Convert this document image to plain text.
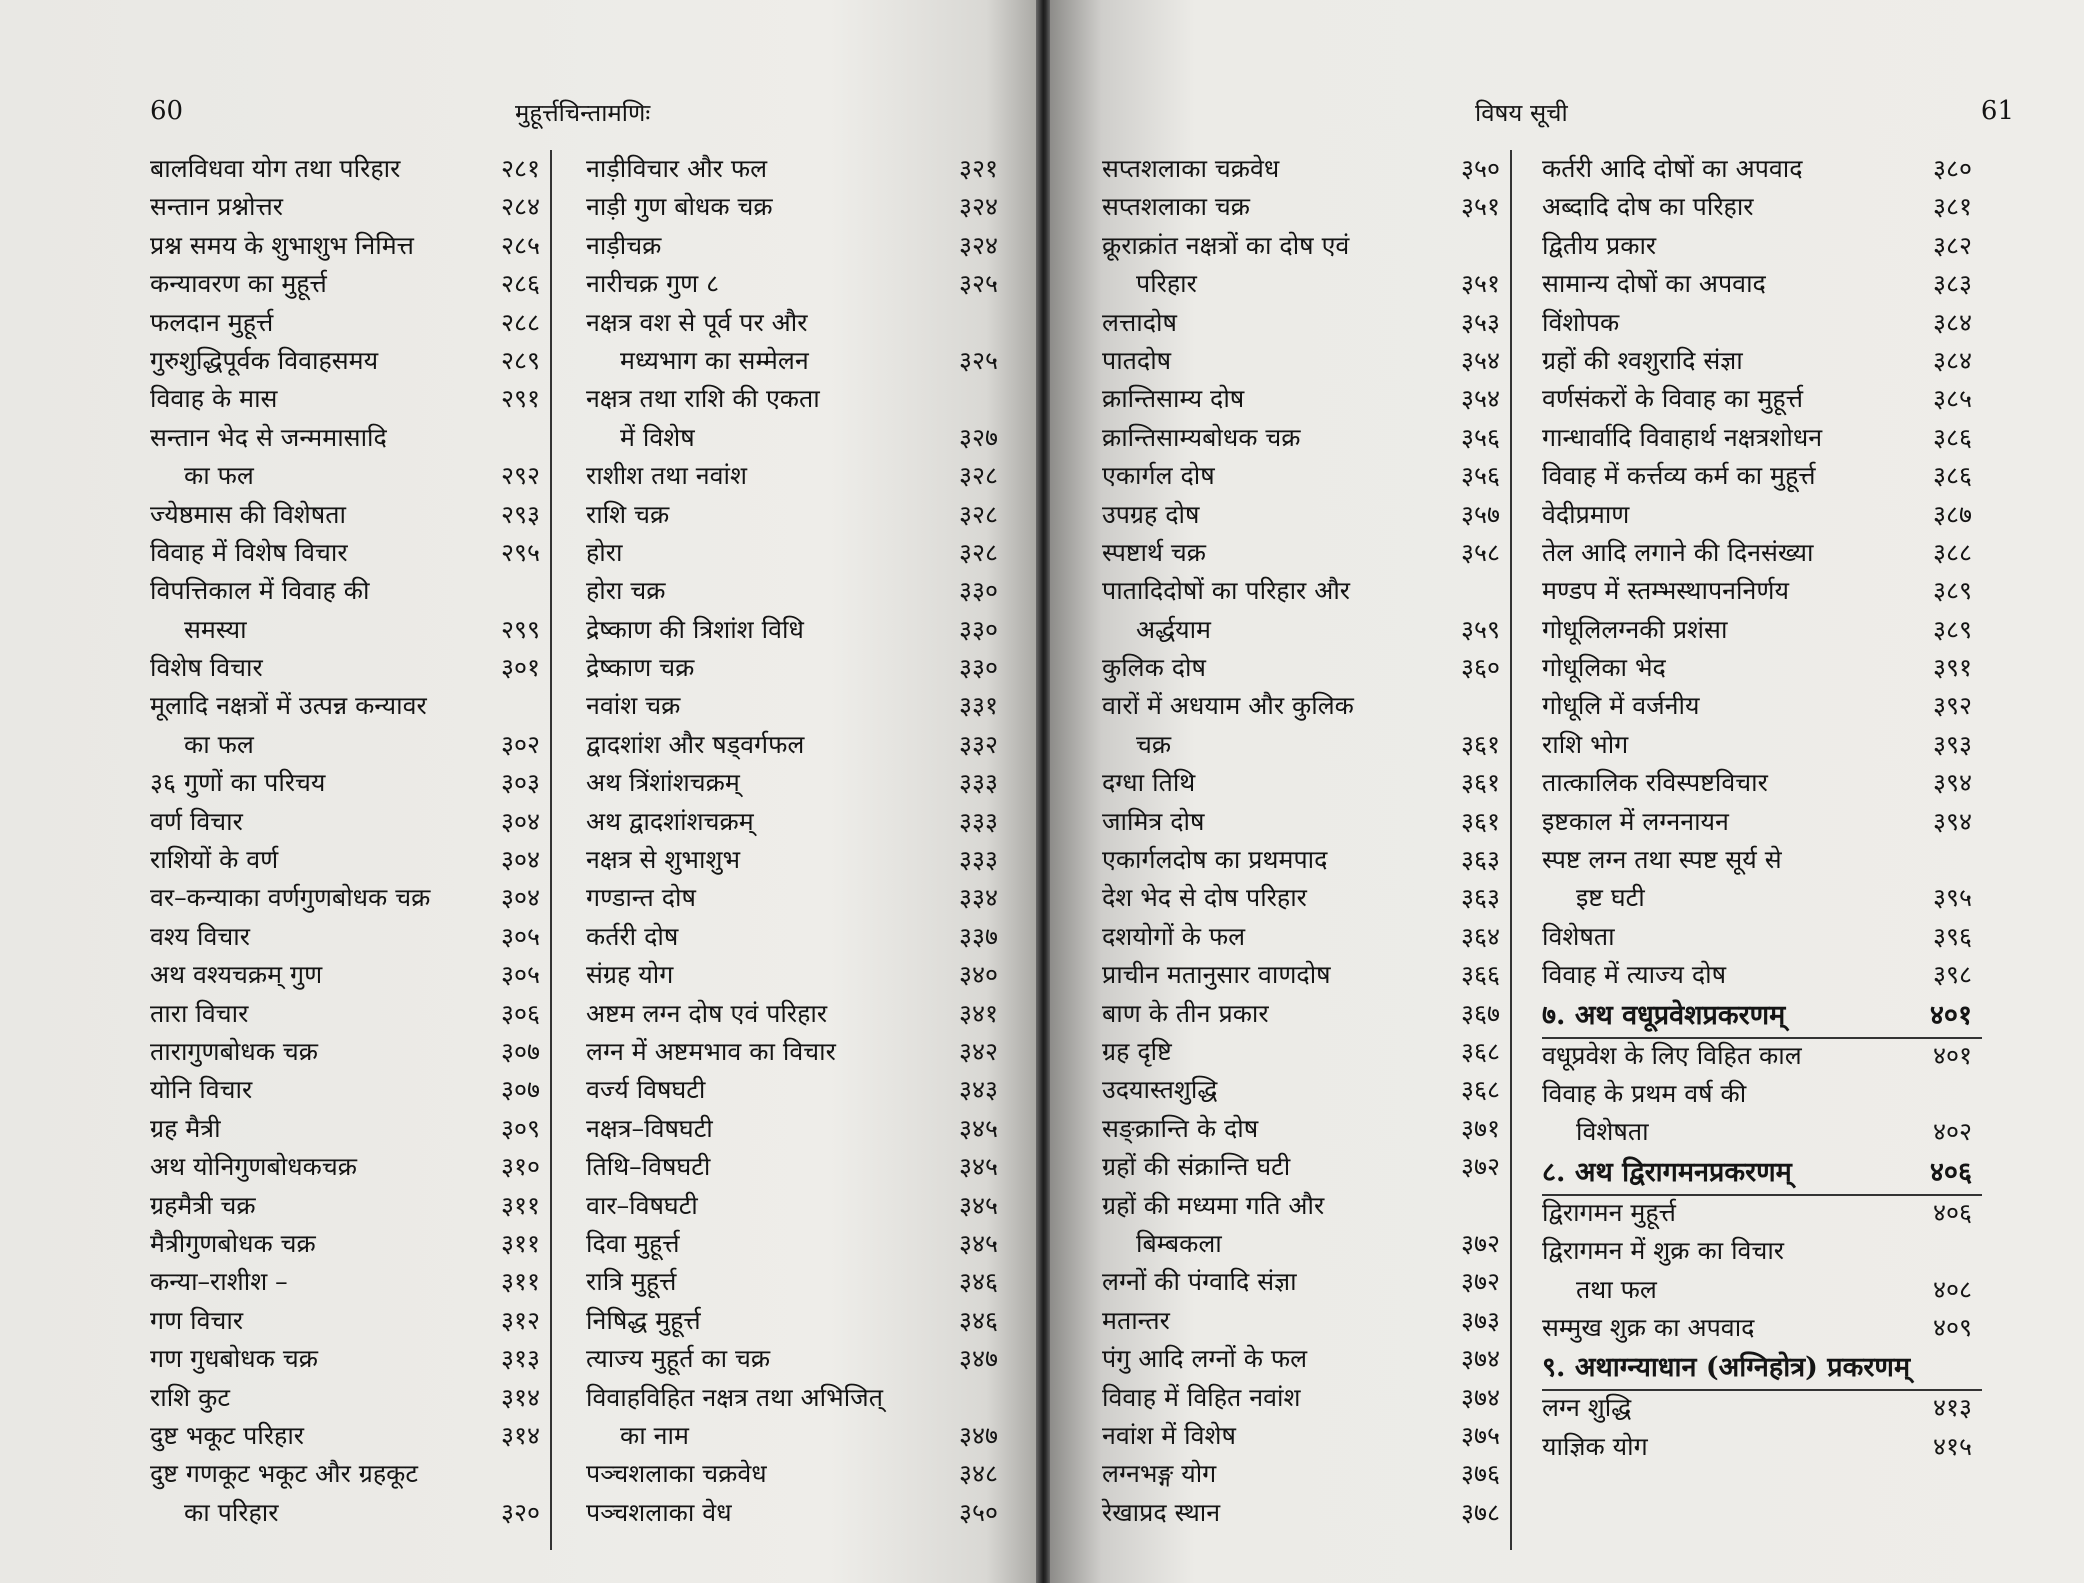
60	मुहूर्त्तचिन्तामणिः
बालविधवा योग तथा परिहार	२८१
सन्तान प्रश्नोत्तर	२८४
प्रश्न समय के शुभाशुभ निमित्त	२८५
कन्यावरण का मुहूर्त्त	२८६
फलदान मुहूर्त्त	२८८
गुरुशुद्धिपूर्वक विवाहसमय	२८९
विवाह के मास	२९१
सन्तान भेद से जन्ममासादि
का फल	२९२
ज्येष्ठमास की विशेषता	२९३
विवाह में विशेष विचार	२९५
विपत्तिकाल में विवाह की
समस्या	२९९
विशेष विचार	३०१
मूलादि नक्षत्रों में उत्पन्न कन्यावर
का फल	३०२
३६ गुणों का परिचय	३०३
वर्ण विचार	३०४
राशियों के वर्ण	३०४
वर–कन्याका वर्णगुणबोधक चक्र	३०४
वश्य विचार	३०५
अथ वश्यचक्रम् गुण	३०५
तारा विचार	३०६
तारागुणबोधक चक्र	३०७
योनि विचार	३०७
ग्रह मैत्री	३०९
अथ योनिगुणबोधकचक्र	३१०
ग्रहमैत्री चक्र	३११
मैत्रीगुणबोधक चक्र	३११
कन्या–राशीश –	३११
गण विचार	३१२
गण गुधबोधक चक्र	३१३
राशि कुट	३१४
दुष्ट भकूट परिहार	३१४
दुष्ट गणकूट भकूट और ग्रहकूट
का परिहार	३२०
नाड़ीविचार और फल	३२१
नाड़ी गुण बोधक चक्र	३२४
नाड़ीचक्र	३२४
नारीचक्र गुण ८	३२५
नक्षत्र वश से पूर्व पर और
मध्यभाग का सम्मेलन	३२५
नक्षत्र तथा राशि की एकता
में विशेष	३२७
राशीश तथा नवांश	३२८
राशि चक्र	३२८
होरा	३२८
होरा चक्र	३३०
द्रेष्काण की त्रिशांश विधि	३३०
द्रेष्काण चक्र	३३०
नवांश चक्र	३३१
द्वादशांश और षड्वर्गफल	३३२
अथ त्रिंशांशचक्रम्	३३३
अथ द्वादशांशचक्रम्	३३३
नक्षत्र से शुभाशुभ	३३३
गण्डान्त दोष	३३४
कर्तरी दोष	३३७
संग्रह योग	३४०
अष्टम लग्न दोष एवं परिहार	३४१
लग्न में अष्टमभाव का विचार	३४२
वर्ज्य विषघटी	३४३
नक्षत्र–विषघटी	३४५
तिथि–विषघटी	३४५
वार–विषघटी	३४५
दिवा मुहूर्त्त	३४५
रात्रि मुहूर्त्त	३४६
निषिद्ध मुहूर्त्त	३४६
त्याज्य मुहूर्त का चक्र	३४७
विवाहविहित नक्षत्र तथा अभिजित्
का नाम	३४७
पञ्चशलाका चक्रवेध	३४८
पञ्चशलाका वेध	३५०
विषय सूची	61
सप्तशलाका चक्रवेध	३५०
सप्तशलाका चक्र	३५१
क्रूराक्रांत नक्षत्रों का दोष एवं
परिहार	३५१
लत्तादोष	३५३
पातदोष	३५४
क्रान्तिसाम्य दोष	३५४
क्रान्तिसाम्यबोधक चक्र	३५६
एकार्गल दोष	३५६
उपग्रह दोष	३५७
स्पष्टार्थ चक्र	३५८
पातादिदोषों का परिहार और
अर्द्धयाम	३५९
कुलिक दोष	३६०
वारों में अधयाम और कुलिक
चक्र	३६१
दग्धा तिथि	३६१
जामित्र दोष	३६१
एकार्गलदोष का प्रथमपाद	३६३
देश भेद से दोष परिहार	३६३
दशयोगों के फल	३६४
प्राचीन मतानुसार वाणदोष	३६६
बाण के तीन प्रकार	३६७
ग्रह दृष्टि	३६८
उदयास्तशुद्धि	३६८
सङ्क्रान्ति के दोष	३७१
ग्रहों की संक्रान्ति घटी	३७२
ग्रहों की मध्यमा गति और
बिम्बकला	३७२
लग्नों की पंग्वादि संज्ञा	३७२
मतान्तर	३७३
पंगु आदि लग्नों के फल	३७४
विवाह में विहित नवांश	३७४
नवांश में विशेष	३७५
लग्नभङ्ग योग	३७६
रेखाप्रद स्थान	३७८
कर्तरी आदि दोषों का अपवाद	३८०
अब्दादि दोष का परिहार	३८१
द्वितीय प्रकार	३८२
सामान्य दोषों का अपवाद	३८३
विंशोपक	३८४
ग्रहों की श्वशुरादि संज्ञा	३८४
वर्णसंकरों के विवाह का मुहूर्त्त	३८५
गान्धार्वादि विवाहार्थ नक्षत्रशोधन	३८६
विवाह में कर्त्तव्य कर्म का मुहूर्त्त	३८६
वेदीप्रमाण	३८७
तेल आदि लगाने की दिनसंख्या	३८८
मण्डप में स्तम्भस्थापननिर्णय	३८९
गोधूलिलग्नकी प्रशंसा	३८९
गोधूलिका भेद	३९१
गोधूलि में वर्जनीय	३९२
राशि भोग	३९३
तात्कालिक रविस्पष्टविचार	३९४
इष्टकाल में लग्ननायन	३९४
स्पष्ट लग्न तथा स्पष्ट सूर्य से
इष्ट घटी	३९५
विशेषता	३९६
विवाह में त्याज्य दोष	३९८
७. अथ वधूप्रवेशप्रकरणम्	४०१
वधूप्रवेश के लिए विहित काल	४०१
विवाह के प्रथम वर्ष की
विशेषता	४०२
८. अथ द्विरागमनप्रकरणम्	४०६
द्विरागमन मुहूर्त्त	४०६
द्विरागमन में शुक्र का विचार
तथा फल	४०८
सम्मुख शुक्र का अपवाद	४०९
९. अथाग्न्याधान (अग्निहोत्र) प्रकरणम्
लग्न शुद्धि	४१३
याज्ञिक योग	४१५
